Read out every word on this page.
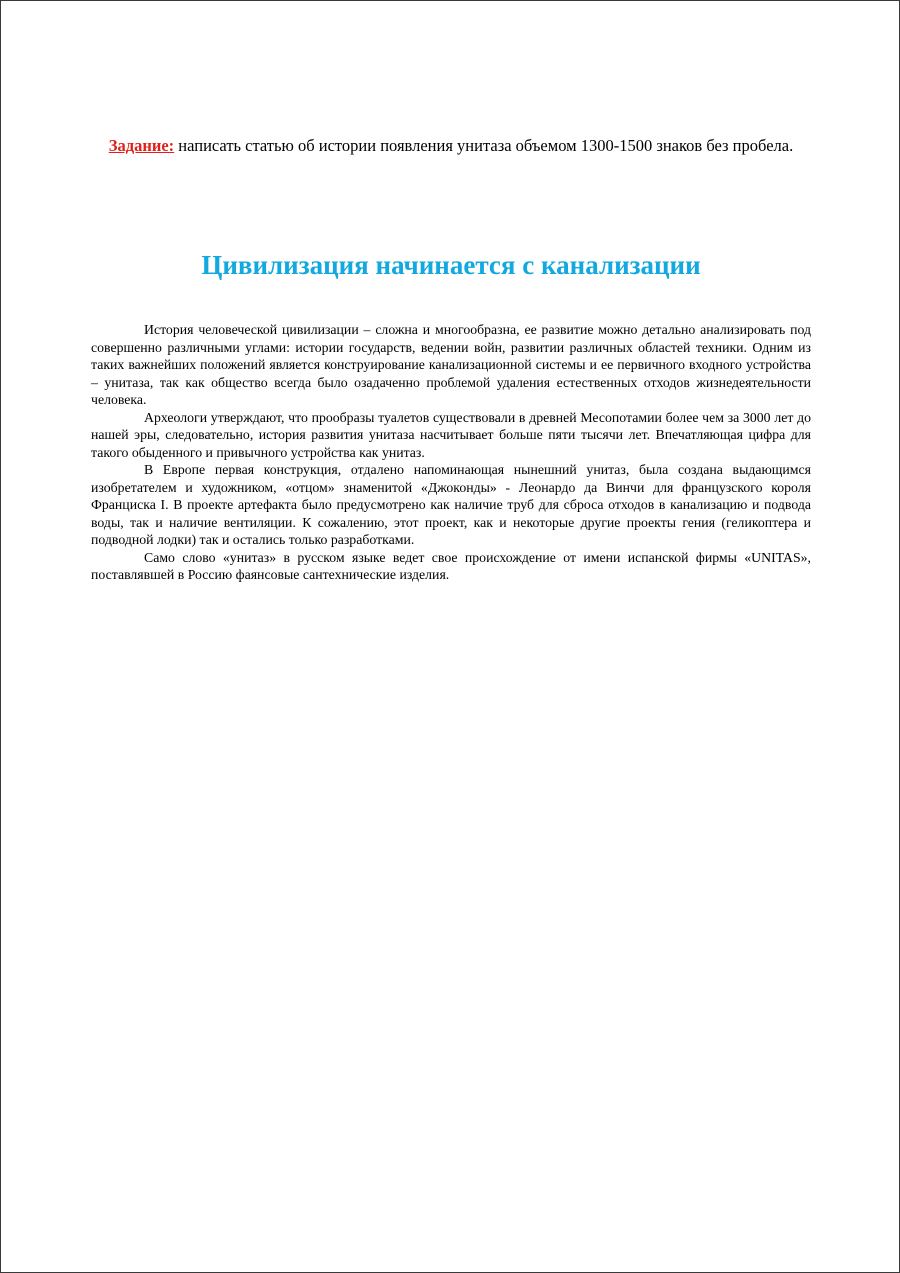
Задание: написать статью об истории появления унитаза объемом 1300-1500 знаков без пробела.
Цивилизация начинается с канализации

История человеческой цивилизации – сложна и многообразна, ее развитие можно детально анализировать под совершенно различными углами: истории государств, ведении войн, развитии различных областей техники. Одним из таких важнейших положений является конструирование канализационной системы и ее первичного входного устройства – унитаза, так как общество всегда было озадаченно проблемой удаления естественных отходов жизнедеятельности человека.

Археологи утверждают, что прообразы туалетов существовали в древней Месопотамии более чем за 3000 лет до нашей эры, следовательно, история развития унитаза насчитывает больше пяти тысячи лет. Впечатляющая цифра для такого обыденного и привычного устройства как унитаз.

В Европе первая конструкция, отдалено напоминающая нынешний унитаз, была создана выдающимся изобретателем и художником, «отцом» знаменитой «Джоконды» - Леонардо да Винчи для французского короля Франциска I. В проекте артефакта было предусмотрено как наличие труб для сброса отходов в канализацию и подвода воды, так и наличие вентиляции. К сожалению, этот проект, как и некоторые другие проекты гения (геликоптера и подводной лодки) так и остались только разработками.

Само слово «унитаз» в русском языке ведет свое происхождение от имени испанской фирмы «UNITAS», поставлявшей в Россию фаянсовые сантехнические изделия.
